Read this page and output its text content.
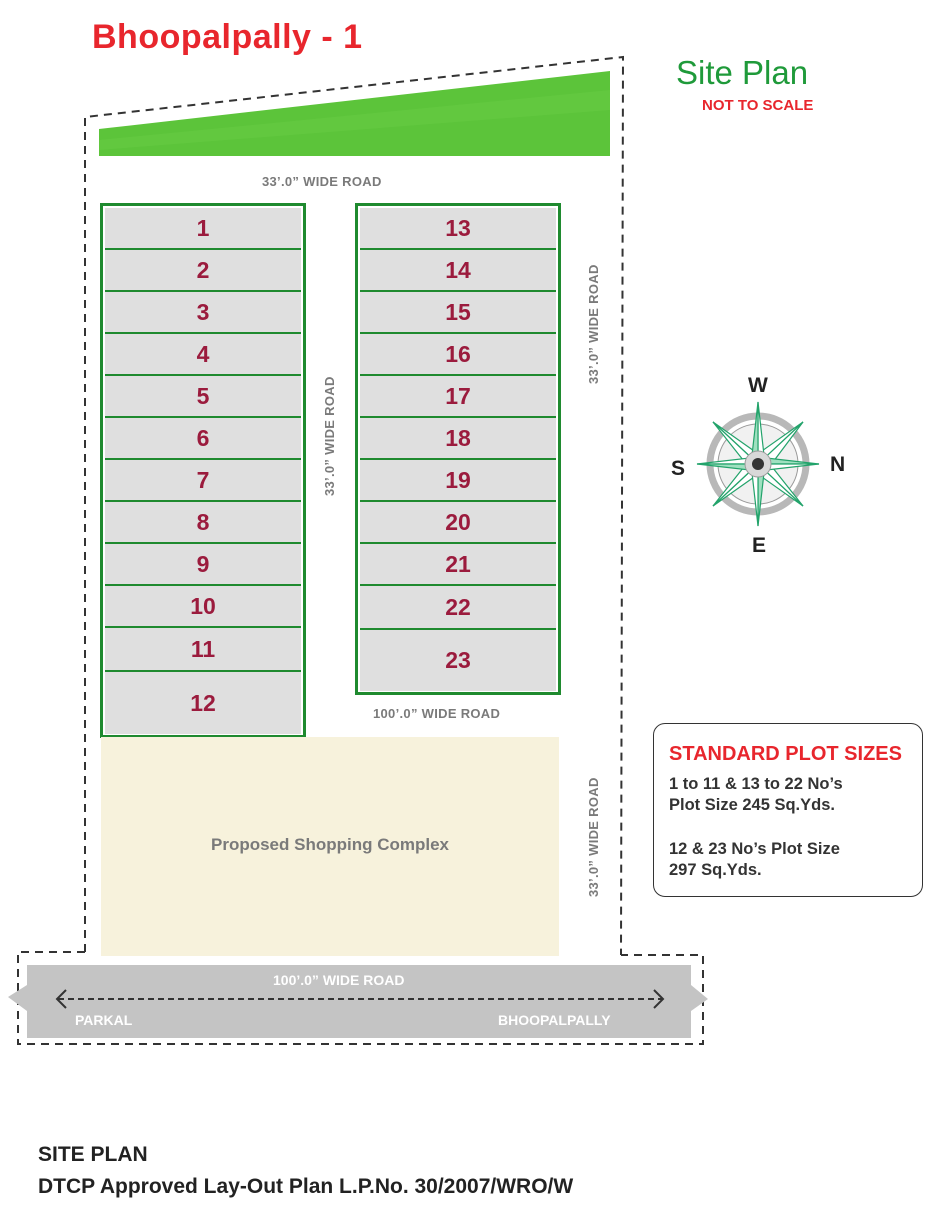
Bhoopalpally - 1
Site Plan
NOT TO SCALE
33’.0” WIDE ROAD
33’.0” WIDE ROAD
33’.0” WIDE ROAD
33’.0” WIDE ROAD
100’.0” WIDE ROAD
1
2
3
4
5
6
7
8
9
10
11
12
13
14
15
16
17
18
19
20
21
22
23
Proposed Shopping Complex
100’.0” WIDE ROAD
PARKAL	BHOOPALPALLY
W
N
E
S
STANDARD PLOT SIZES
1 to 11 & 13 to 22 No’s
Plot Size 245 Sq.Yds.
12 & 23 No’s Plot Size
297 Sq.Yds.
SITE PLAN
DTCP Approved Lay-Out Plan L.P.No. 30/2007/WRO/W
